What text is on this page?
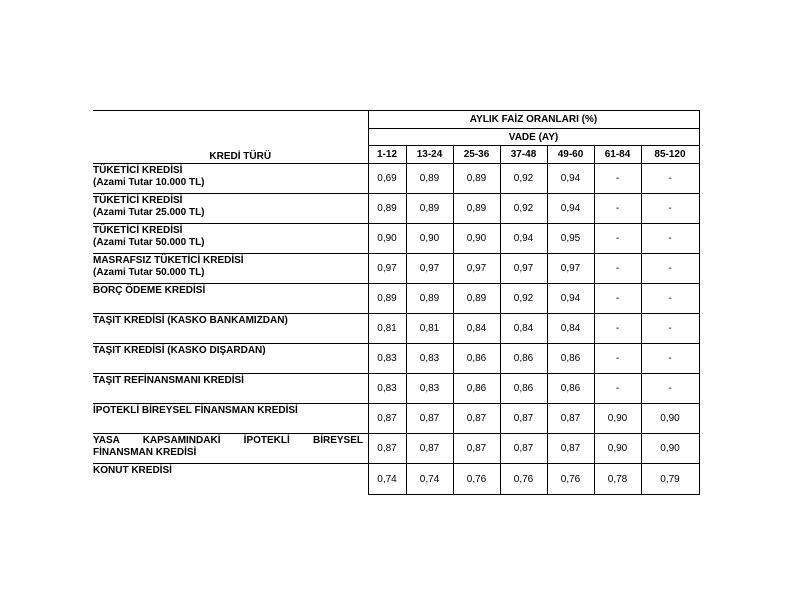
KREDİ TÜRÜ	AYLIK FAİZ ORANLARI (%)						
	VADE (AY)						
	1-12	13-24	25-36	37-48	49-60	61-84	85-120

TÜKETİCİ KREDİSİ
(Azami Tutar 10.000 TL)	0,69	0,89	0,89	0,92	0,94	-	-

TÜKETİCİ KREDİSİ
(Azami Tutar 25.000 TL)	0,89	0,89	0,89	0,92	0,94	-	-

TÜKETİCİ KREDİSİ
(Azami Tutar 50.000 TL)	0,90	0,90	0,90	0,94	0,95	-	-

MASRAFSIZ TÜKETİCİ KREDİSİ
(Azami Tutar 50.000 TL)	0,97	0,97	0,97	0,97	0,97	-	-

BORÇ ÖDEME KREDİSİ	0,89	0,89	0,89	0,92	0,94	-	-

TAŞIT KREDİSİ (KASKO BANKAMIZDAN)	0,81	0,81	0,84	0,84	0,84	-	-

TAŞIT KREDİSİ (KASKO DIŞARDAN)	0,83	0,83	0,86	0,86	0,86	-	-

TAŞIT REFİNANSMANI KREDİSİ	0,83	0,83	0,86	0,86	0,86	-	-

İPOTEKLİ BİREYSEL FİNANSMAN KREDİSİ	0,87	0,87	0,87	0,87	0,87	0,90	0,90

YASA KAPSAMINDAKİ İPOTEKLİ BİREYSEL
FİNANSMAN KREDİSİ	0,87	0,87	0,87	0,87	0,87	0,90	0,90

KONUT KREDİSİ	0,74	0,74	0,76	0,76	0,76	0,78	0,79
